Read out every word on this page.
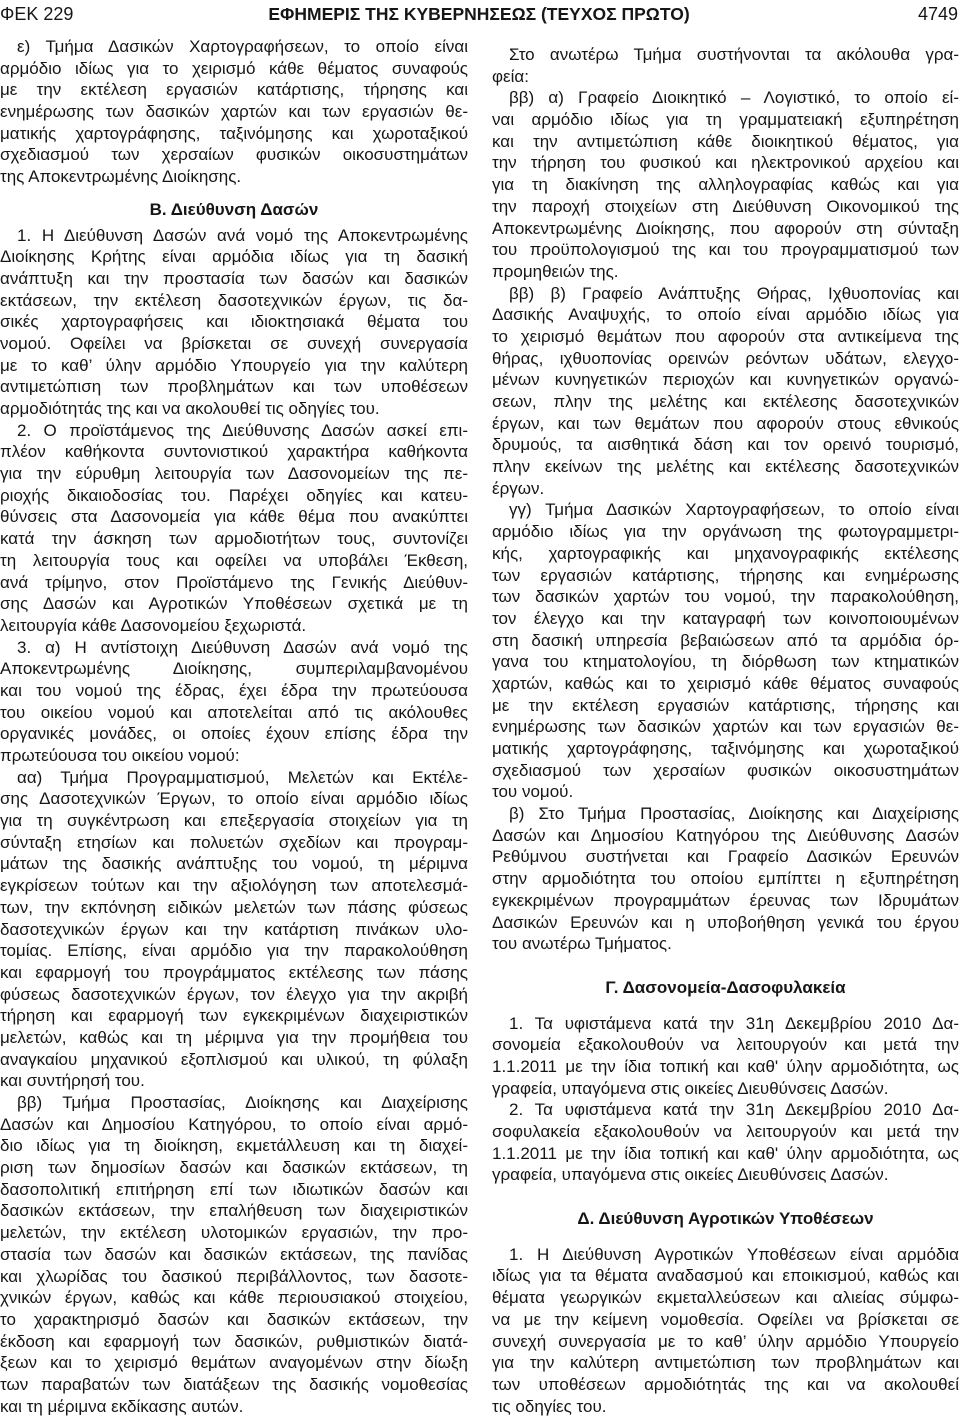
ΦΕΚ 229	ΕΦΗΜΕΡΙΣ ΤΗΣ ΚΥΒΕΡΝΗΣΕΩΣ (ΤΕΥΧΟΣ ΠΡΩΤΟ)	4749
ε) Τμήμα Δασικών Χαρτογραφήσεων, το οποίο είναι
αρμόδιο ιδίως για το χειρισμό κάθε θέματος συναφούς
με την εκτέλεση εργασιών κατάρτισης, τήρησης και
ενημέρωσης των δασικών χαρτών και των εργασιών θε-
ματικής χαρτογράφησης, ταξινόμησης και χωροταξικού
σχεδιασμού των χερσαίων φυσικών οικοσυστημάτων
της Αποκεντρωμένης Διοίκησης.
Β. Διεύθυνση Δασών
1. Η Διεύθυνση Δασών ανά νομό της Αποκεντρωμένης
Διοίκησης Κρήτης είναι αρμόδια ιδίως για τη δασική
ανάπτυξη και την προστασία των δασών και δασικών
εκτάσεων, την εκτέλεση δασοτεχνικών έργων, τις δα-
σικές χαρτογραφήσεις και ιδιοκτησιακά θέματα του
νομού. Οφείλει να βρίσκεται σε συνεχή συνεργασία
με το καθ’ ύλην αρμόδιο Υπουργείο για την καλύτερη
αντιμετώπιση των προβλημάτων και των υποθέσεων
αρμοδιότητάς της και να ακολουθεί τις οδηγίες του.
2. Ο προϊστάμενος της Διεύθυνσης Δασών ασκεί επι-
πλέον καθήκοντα συντονιστικού χαρακτήρα καθήκοντα
για την εύρυθμη λειτουργία των Δασονομείων της πε-
ριοχής δικαιοδοσίας του. Παρέχει οδηγίες και κατευ-
θύνσεις στα Δασονομεία για κάθε θέμα που ανακύπτει
κατά την άσκηση των αρμοδιοτήτων τους, συντονίζει
τη λειτουργία τους και οφείλει να υποβάλει Έκθεση,
ανά τρίμηνο, στον Προϊστάμενο της Γενικής Διεύθυν-
σης Δασών και Αγροτικών Υποθέσεων σχετικά με τη
λειτουργία κάθε Δασονομείου ξεχωριστά.
3. α) Η αντίστοιχη Διεύθυνση Δασών ανά νομό της
Αποκεντρωμένης Διοίκησης, συμπεριλαμβανομένου
και του νομού της έδρας, έχει έδρα την πρωτεύουσα
του οικείου νομού και αποτελείται από τις ακόλουθες
οργανικές μονάδες, οι οποίες έχουν επίσης έδρα την
πρωτεύουσα του οικείου νομού:
αα) Τμήμα Προγραμματισμού, Μελετών και Εκτέλε-
σης Δασοτεχνικών Έργων, το οποίο είναι αρμόδιο ιδίως
για τη συγκέντρωση και επεξεργασία στοιχείων για τη
σύνταξη ετησίων και πολυετών σχεδίων και προγραμ-
μάτων της δασικής ανάπτυξης του νομού, τη μέριμνα
εγκρίσεων τούτων και την αξιολόγηση των αποτελεσμά-
των, την εκπόνηση ειδικών μελετών των πάσης φύσεως
δασοτεχνικών έργων και την κατάρτιση πινάκων υλο-
τομίας. Επίσης, είναι αρμόδιο για την παρακολούθηση
και εφαρμογή του προγράμματος εκτέλεσης των πάσης
φύσεως δασοτεχνικών έργων, τον έλεγχο για την ακριβή
τήρηση και εφαρμογή των εγκεκριμένων διαχειριστικών
μελετών, καθώς και τη μέριμνα για την προμήθεια του
αναγκαίου μηχανικού εξοπλισμού και υλικού, τη φύλαξη
και συντήρησή του.
ββ) Τμήμα Προστασίας, Διοίκησης και Διαχείρισης
Δασών και Δημοσίου Κατηγόρου, το οποίο είναι αρμό-
διο ιδίως για τη διοίκηση, εκμετάλλευση και τη διαχεί-
ριση των δημοσίων δασών και δασικών εκτάσεων, τη
δασοπολιτική επιτήρηση επί των ιδιωτικών δασών και
δασικών εκτάσεων, την επαλήθευση των διαχειριστικών
μελετών, την εκτέλεση υλοτομικών εργασιών, την προ-
στασία των δασών και δασικών εκτάσεων, της πανίδας
και χλωρίδας του δασικού περιβάλλοντος, των δασοτε-
χνικών έργων, καθώς και κάθε περιουσιακού στοιχείου,
το χαρακτηρισμό δασών και δασικών εκτάσεων, την
έκδοση και εφαρμογή των δασικών, ρυθμιστικών διατά-
ξεων και το χειρισμό θεμάτων αναγομένων στην δίωξη
των παραβατών των διατάξεων της δασικής νομοθεσίας
και τη μέριμνα εκδίκασης αυτών.
Στο ανωτέρω Τμήμα συστήνονται τα ακόλουθα γρα-
φεία:
ββ) α) Γραφείο Διοικητικό – Λογιστικό, το οποίο εί-
ναι αρμόδιο ιδίως για τη γραμματειακή εξυπηρέτηση
και την αντιμετώπιση κάθε διοικητικού θέματος, για
την τήρηση του φυσικού και ηλεκτρονικού αρχείου και
για τη διακίνηση της αλληλογραφίας καθώς και για
την παροχή στοιχείων στη Διεύθυνση Οικονομικού της
Αποκεντρωμένης Διοίκησης, που αφορούν στη σύνταξη
του προϋπολογισμού της και του προγραμματισμού των
προμηθειών της.
ββ) β) Γραφείο Ανάπτυξης Θήρας, Ιχθυοπονίας και
Δασικής Αναψυχής, το οποίο είναι αρμόδιο ιδίως για
το χειρισμό θεμάτων που αφορούν στα αντικείμενα της
θήρας, ιχθυοπονίας ορεινών ρεόντων υδάτων, ελεγχο-
μένων κυνηγετικών περιοχών και κυνηγετικών οργανώ-
σεων, πλην της μελέτης και εκτέλεσης δασοτεχνικών
έργων, και των θεμάτων που αφορούν στους εθνικούς
δρυμούς, τα αισθητικά δάση και τον ορεινό τουρισμό,
πλην εκείνων της μελέτης και εκτέλεσης δασοτεχνικών
έργων.
γγ) Τμήμα Δασικών Χαρτογραφήσεων, το οποίο είναι
αρμόδιο ιδίως για την οργάνωση της φωτογραμμετρι-
κής, χαρτογραφικής και μηχανογραφικής εκτέλεσης
των εργασιών κατάρτισης, τήρησης και ενημέρωσης
των δασικών χαρτών του νομού, την παρακολούθηση,
τον έλεγχο και την καταγραφή των κοινοποιουμένων
στη δασική υπηρεσία βεβαιώσεων από τα αρμόδια όρ-
γανα του κτηματολογίου, τη διόρθωση των κτηματικών
χαρτών, καθώς και το χειρισμό κάθε θέματος συναφούς
με την εκτέλεση εργασιών κατάρτισης, τήρησης και
ενημέρωσης των δασικών χαρτών και των εργασιών θε-
ματικής χαρτογράφησης, ταξινόμησης και χωροταξικού
σχεδιασμού των χερσαίων φυσικών οικοσυστημάτων
του νομού.
β) Στο Τμήμα Προστασίας, Διοίκησης και Διαχείρισης
Δασών και Δημοσίου Κατηγόρου της Διεύθυνσης Δασών
Ρεθύμνου συστήνεται και Γραφείο Δασικών Ερευνών
στην αρμοδιότητα του οποίου εμπίπτει η εξυπηρέτηση
εγκεκριμένων προγραμμάτων έρευνας των Ιδρυμάτων
Δασικών Ερευνών και η υποβοήθηση γενικά του έργου
του ανωτέρω Τμήματος.
Γ. Δασονομεία-Δασοφυλακεία
1. Τα υφιστάμενα κατά την 31η Δεκεμβρίου 2010 Δα-
σονομεία εξακολουθούν να λειτουργούν και μετά την
1.1.2011 με την ίδια τοπική και καθ' ύλην αρμοδιότητα, ως
γραφεία, υπαγόμενα στις οικείες Διευθύνσεις Δασών.
2. Τα υφιστάμενα κατά την 31η Δεκεμβρίου 2010 Δα-
σοφυλακεία εξακολουθούν να λειτουργούν και μετά την
1.1.2011 με την ίδια τοπική και καθ' ύλην αρμοδιότητα, ως
γραφεία, υπαγόμενα στις οικείες Διευθύνσεις Δασών.
Δ. Διεύθυνση Αγροτικών Υποθέσεων
1. Η Διεύθυνση Αγροτικών Υποθέσεων είναι αρμόδια
ιδίως για τα θέματα αναδασμού και εποικισμού, καθώς και
θέματα γεωργικών εκμεταλλεύσεων και αλιείας σύμφω-
να με την κείμενη νομοθεσία. Οφείλει να βρίσκεται σε
συνεχή συνεργασία με το καθ’ ύλην αρμόδιο Υπουργείο
για την καλύτερη αντιμετώπιση των προβλημάτων και
των υποθέσεων αρμοδιότητάς της και να ακολουθεί
τις οδηγίες του.
